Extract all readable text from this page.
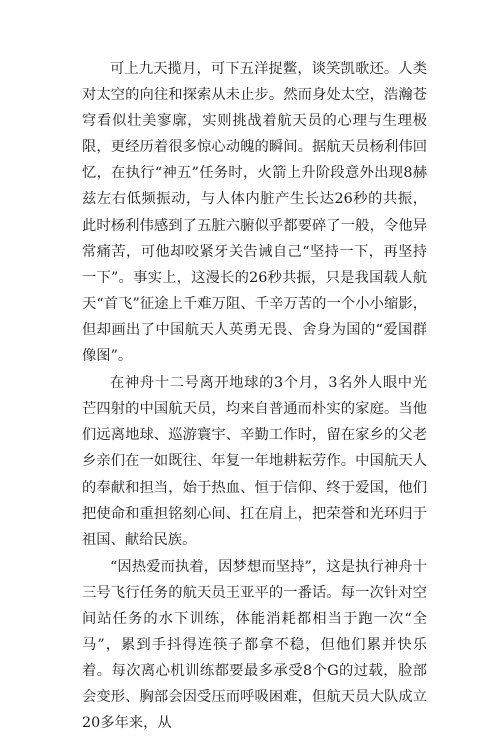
可上九天揽月，可下五洋捉鳖，谈笑凯歌还。人类对太空的向往和探索从未止步。然而身处太空，浩瀚苍穹看似壮美寥廓，实则挑战着航天员的心理与生理极限，更经历着很多惊心动魄的瞬间。据航天员杨利伟回忆，在执行“神五”任务时，火箭上升阶段意外出现8赫兹左右低频振动，与人体内脏产生长达26秒的共振，此时杨利伟感到了五脏六腑似乎都要碎了一般，令他异常痛苦，可他却咬紧牙关告诫自己“坚持一下，再坚持一下”。事实上，这漫长的26秒共振，只是我国载人航天“首飞”征途上千难万阻、千辛万苦的一个小小缩影，但却画出了中国航天人英勇无畏、舍身为国的“爱国群像图”。

在神舟十二号离开地球的3个月，3名外人眼中光芒四射的中国航天员，均来自普通而朴实的家庭。当他们远离地球、巡游寰宇、辛勤工作时，留在家乡的父老乡亲们在一如既往、年复一年地耕耘劳作。中国航天人的奉献和担当，始于热血、恒于信仰、终于爱国，他们把使命和重担铭刻心间、扛在肩上，把荣誉和光环归于祖国、献给民族。

“因热爱而执着，因梦想而坚持”，这是执行神舟十三号飞行任务的航天员王亚平的一番话。每一次针对空间站任务的水下训练，体能消耗都相当于跑一次“全马”，累到手抖得连筷子都拿不稳，但他们累并快乐着。每次离心机训练都要最多承受8个G的过载，脸部会变形、胸部会因受压而呼吸困难，但航天员大队成立20多年来，从
